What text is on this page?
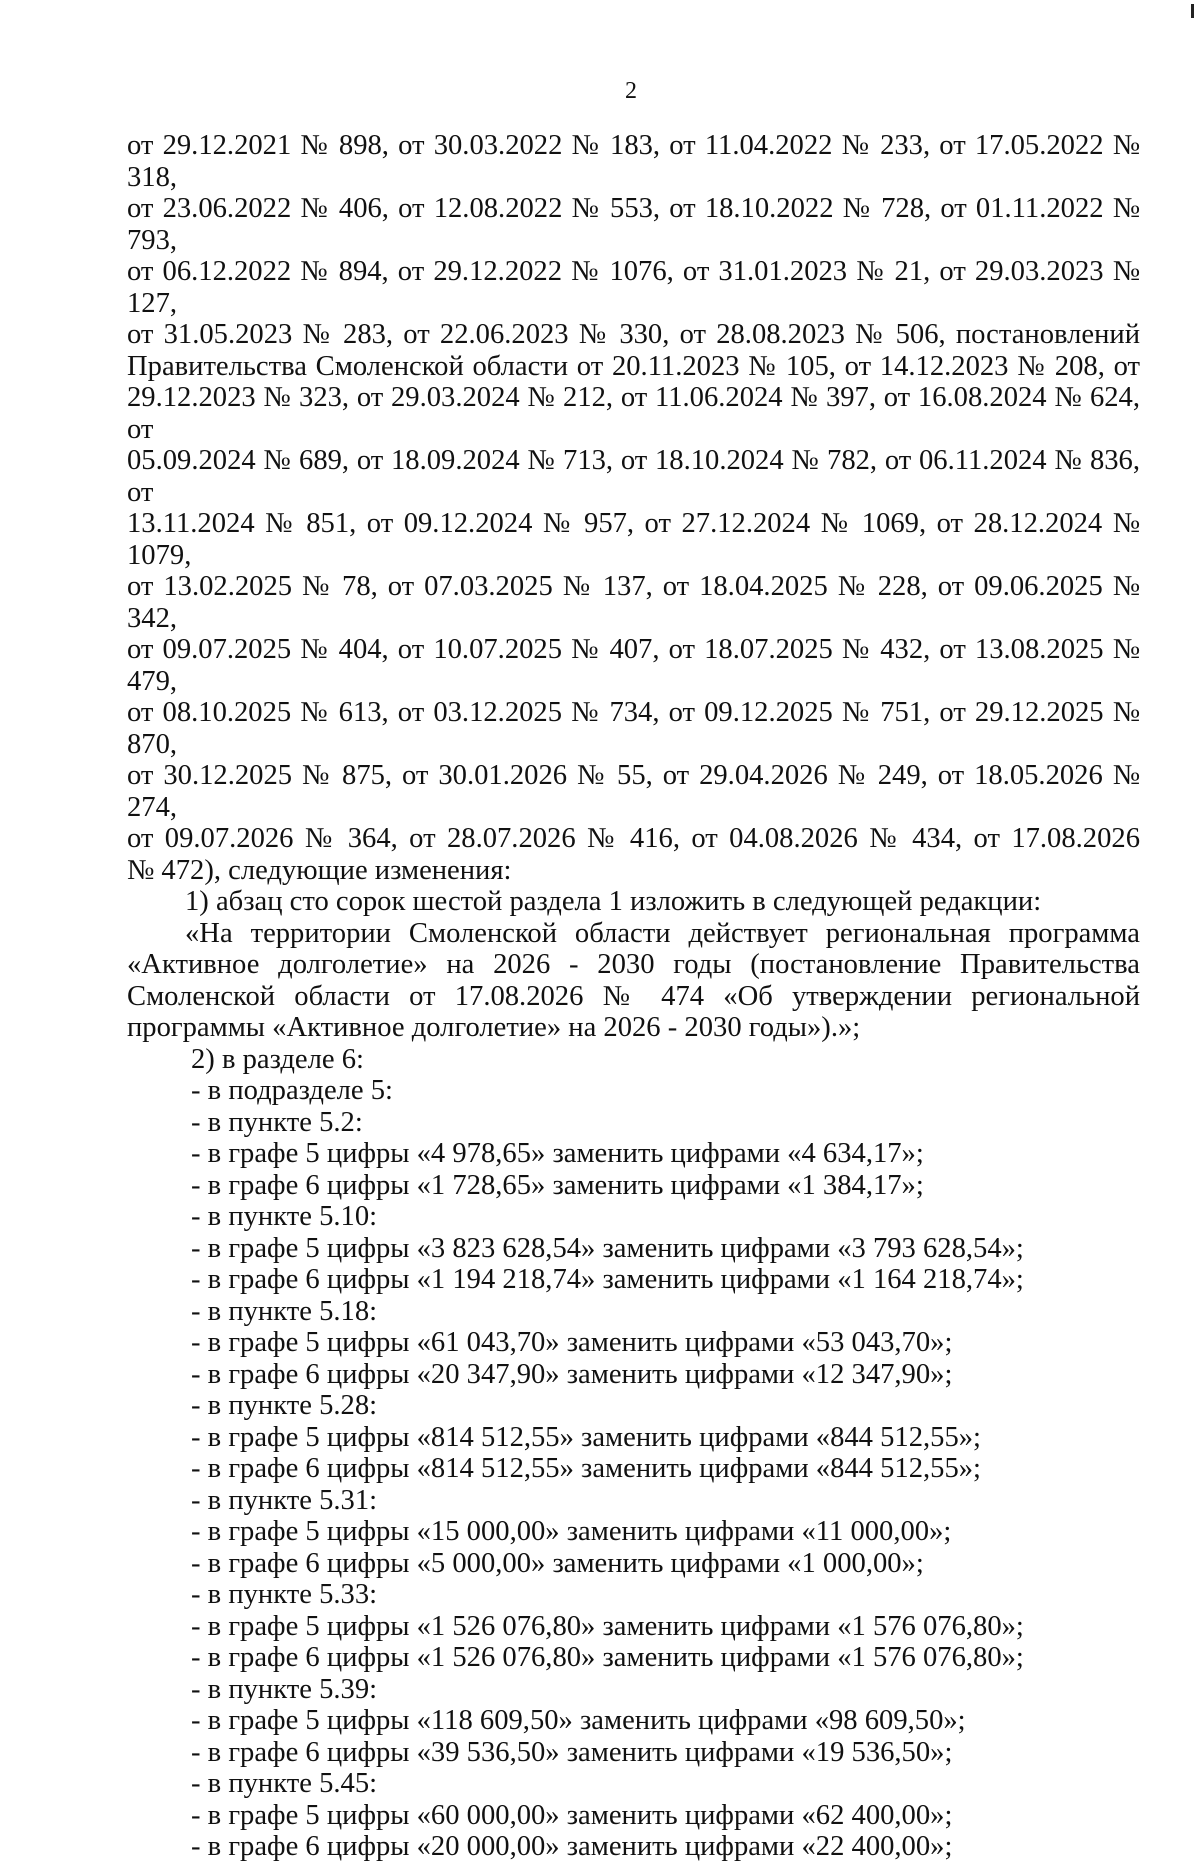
2

от 29.12.2021 № 898, от 30.03.2022 № 183, от 11.04.2022 № 233, от 17.05.2022 № 318,

от 23.06.2022 № 406, от 12.08.2022 № 553, от 18.10.2022 № 728, от 01.11.2022 № 793,

от 06.12.2022 № 894, от 29.12.2022 № 1076, от 31.01.2023 № 21, от 29.03.2023 № 127,

от 31.05.2023 № 283, от 22.06.2023 № 330, от 28.08.2023 № 506, постановлений

Правительства Смоленской области от 20.11.2023 № 105, от 14.12.2023 № 208, от

29.12.2023 № 323, от 29.03.2024 № 212, от 11.06.2024 № 397, от 16.08.2024 № 624, от

05.09.2024 № 689, от 18.09.2024 № 713, от 18.10.2024 № 782, от 06.11.2024 № 836, от

13.11.2024 № 851, от 09.12.2024 № 957, от 27.12.2024 № 1069, от 28.12.2024 № 1079,

от 13.02.2025 № 78, от 07.03.2025 № 137, от 18.04.2025 № 228, от 09.06.2025 № 342,

от 09.07.2025 № 404, от 10.07.2025 № 407, от 18.07.2025 № 432, от 13.08.2025 № 479,

от 08.10.2025 № 613, от 03.12.2025 № 734, от 09.12.2025 № 751, от 29.12.2025 № 870,

от 30.12.2025 № 875, от 30.01.2026 № 55, от 29.04.2026 № 249, от 18.05.2026 № 274,

от 09.07.2026 № 364, от 28.07.2026 № 416, от 04.08.2026 № 434, от 17.08.2026

№ 472), следующие изменения:

1) абзац сто сорок шестой раздела 1 изложить в следующей редакции:

«На территории Смоленской области действует региональная программа

«Активное долголетие» на 2026 - 2030 годы (постановление Правительства

Смоленской области от 17.08.2026 № 474 «Об утверждении региональной

программы «Активное долголетие» на 2026 - 2030 годы»).»;

2) в разделе 6:
- в подразделе 5:
- в пункте 5.2:
- в графе 5 цифры «4 978,65» заменить цифрами «4 634,17»;
- в графе 6 цифры «1 728,65» заменить цифрами «1 384,17»;
- в пункте 5.10:
- в графе 5 цифры «3 823 628,54» заменить цифрами «3 793 628,54»;
- в графе 6 цифры «1 194 218,74» заменить цифрами «1 164 218,74»;
- в пункте 5.18:
- в графе 5 цифры «61 043,70» заменить цифрами «53 043,70»;
- в графе 6 цифры «20 347,90» заменить цифрами «12 347,90»;
- в пункте 5.28:
- в графе 5 цифры «814 512,55» заменить цифрами «844 512,55»;
- в графе 6 цифры «814 512,55» заменить цифрами «844 512,55»;
- в пункте 5.31:
- в графе 5 цифры «15 000,00» заменить цифрами «11 000,00»;
- в графе 6 цифры «5 000,00» заменить цифрами «1 000,00»;
- в пункте 5.33:
- в графе 5 цифры «1 526 076,80» заменить цифрами «1 576 076,80»;
- в графе 6 цифры «1 526 076,80» заменить цифрами «1 576 076,80»;
- в пункте 5.39:
- в графе 5 цифры «118 609,50» заменить цифрами «98 609,50»;
- в графе 6 цифры «39 536,50» заменить цифрами «19 536,50»;
- в пункте 5.45:
- в графе 5 цифры «60 000,00» заменить цифрами «62 400,00»;
- в графе 6 цифры «20 000,00» заменить цифрами «22 400,00»;
